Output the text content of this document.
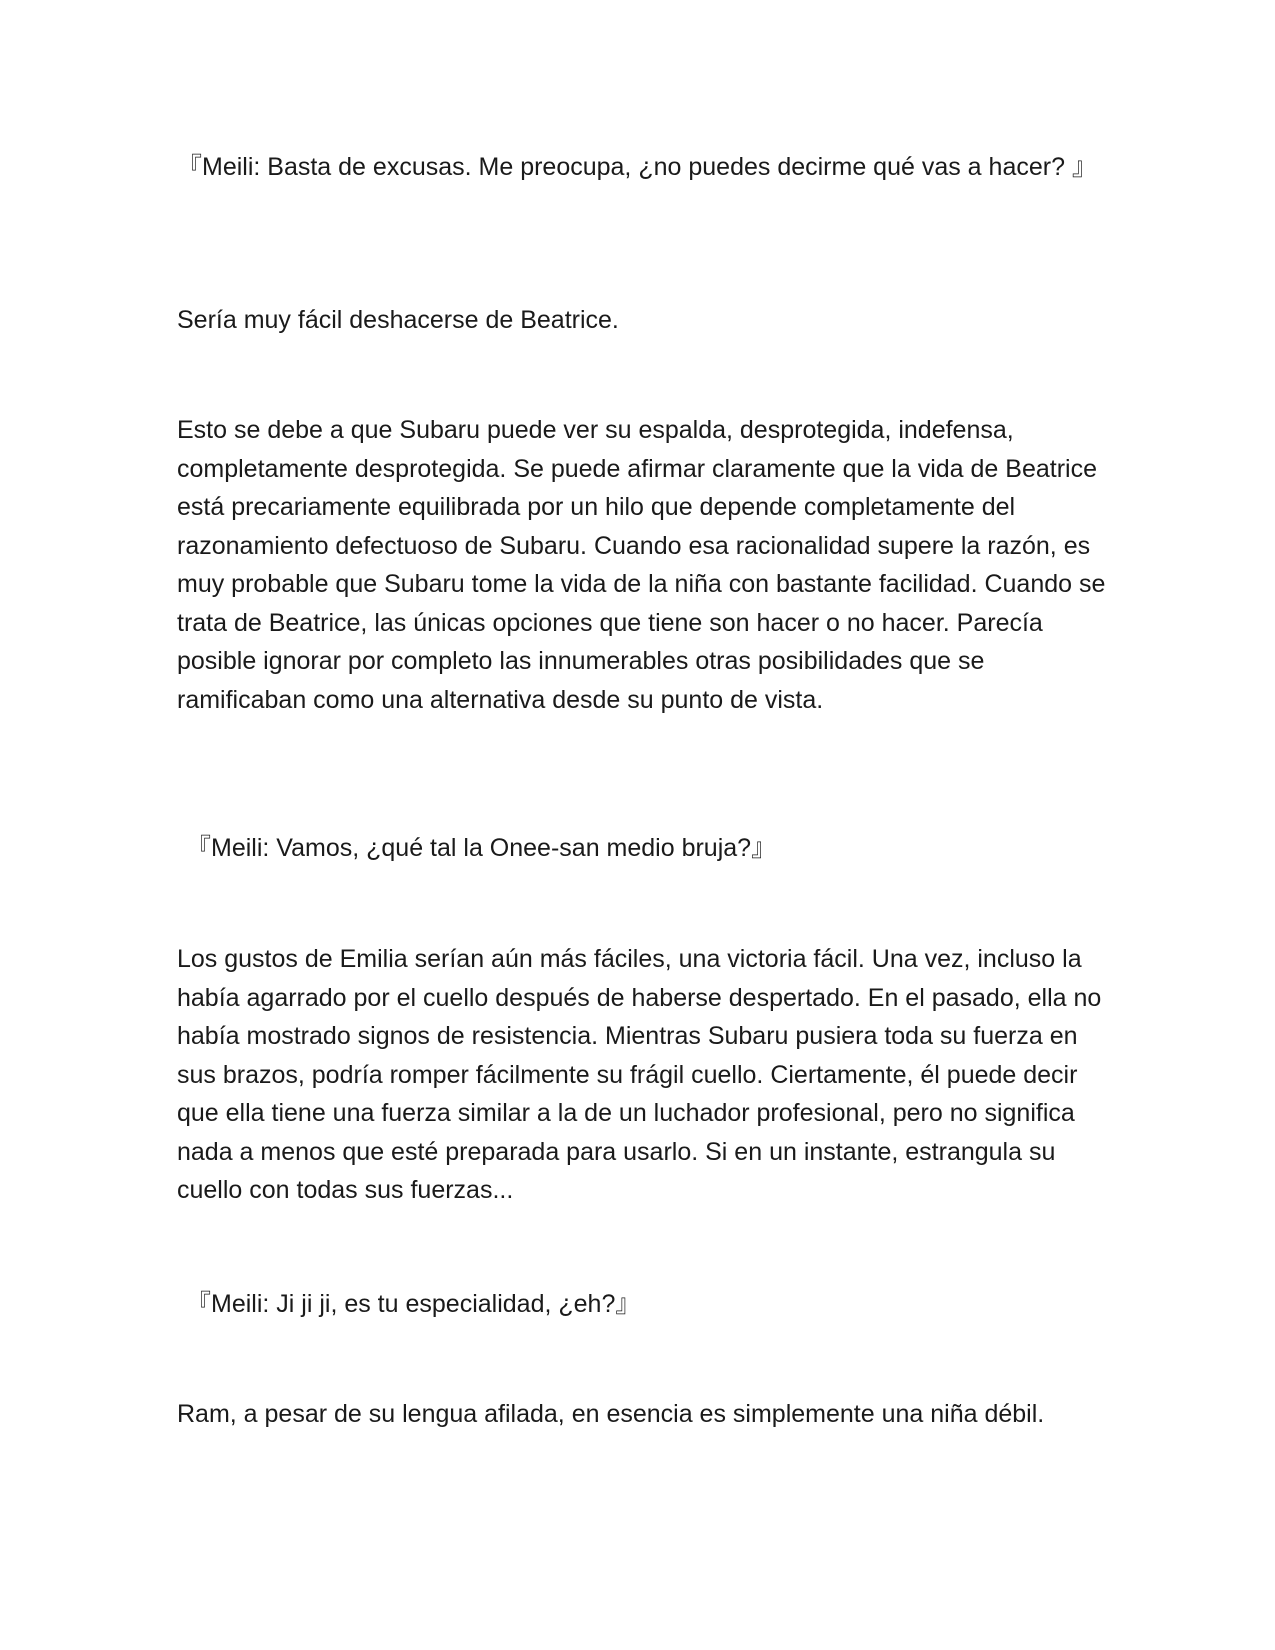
『Meili: Basta de excusas. Me preocupa, ¿no puedes decirme qué vas a hacer? 』

Sería muy fácil deshacerse de Beatrice.

Esto se debe a que Subaru puede ver su espalda, desprotegida, indefensa, completamente desprotegida. Se puede afirmar claramente que la vida de Beatrice está precariamente equilibrada por un hilo que depende completamente del razonamiento defectuoso de Subaru. Cuando esa racionalidad supere la razón, es muy probable que Subaru tome la vida de la niña con bastante facilidad. Cuando se trata de Beatrice, las únicas opciones que tiene son hacer o no hacer. Parecía posible ignorar por completo las innumerables otras posibilidades que se ramificaban como una alternativa desde su punto de vista.

『Meili: Vamos, ¿qué tal la Onee-san medio bruja?』

Los gustos de Emilia serían aún más fáciles, una victoria fácil. Una vez, incluso la había agarrado por el cuello después de haberse despertado. En el pasado, ella no había mostrado signos de resistencia. Mientras Subaru pusiera toda su fuerza en sus brazos, podría romper fácilmente su frágil cuello. Ciertamente, él puede decir que ella tiene una fuerza similar a la de un luchador profesional, pero no significa nada a menos que esté preparada para usarlo. Si en un instante, estrangula su cuello con todas sus fuerzas...

『Meili: Ji ji ji, es tu especialidad, ¿eh?』

Ram, a pesar de su lengua afilada, en esencia es simplemente una niña débil.
